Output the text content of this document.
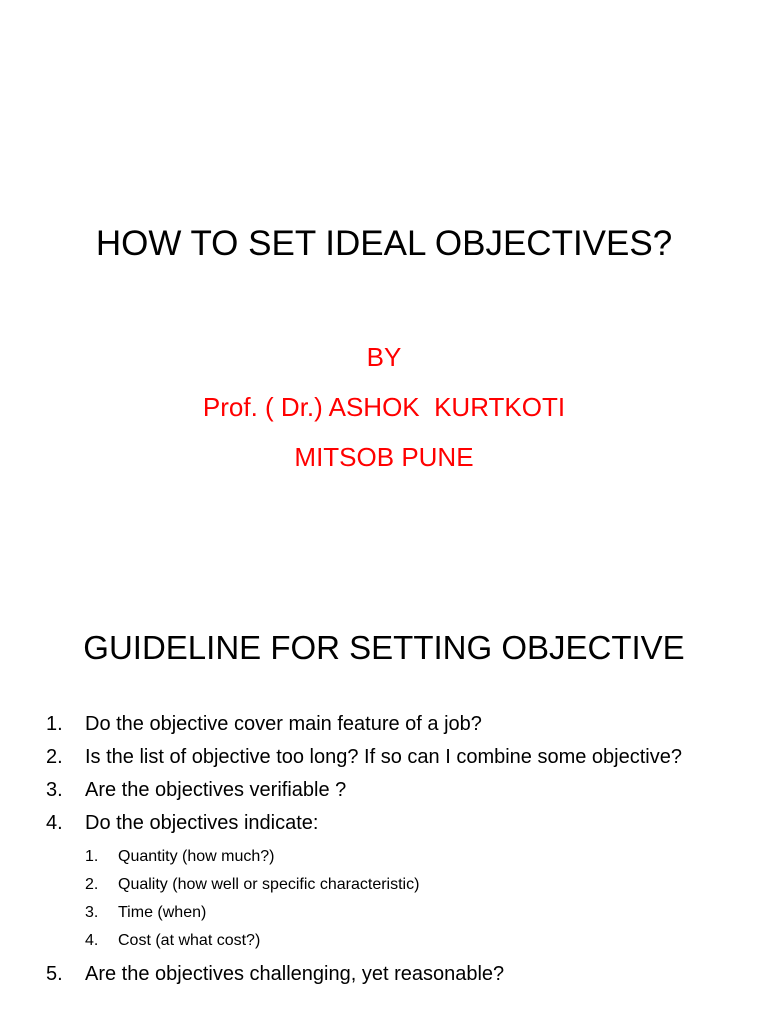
HOW TO SET IDEAL OBJECTIVES?
BY
Prof. ( Dr.) ASHOK  KURTKOTI
MITSOB PUNE
GUIDELINE FOR SETTING OBJECTIVE
1. Do the objective cover main feature of a job?
2. Is the list of objective too long? If so can I combine some objective?
3. Are the objectives verifiable ?
4. Do the objectives indicate:
1. Quantity (how much?)
2. Quality (how well or specific characteristic)
3. Time (when)
4. Cost (at what cost?)
5. Are the objectives challenging, yet reasonable?
